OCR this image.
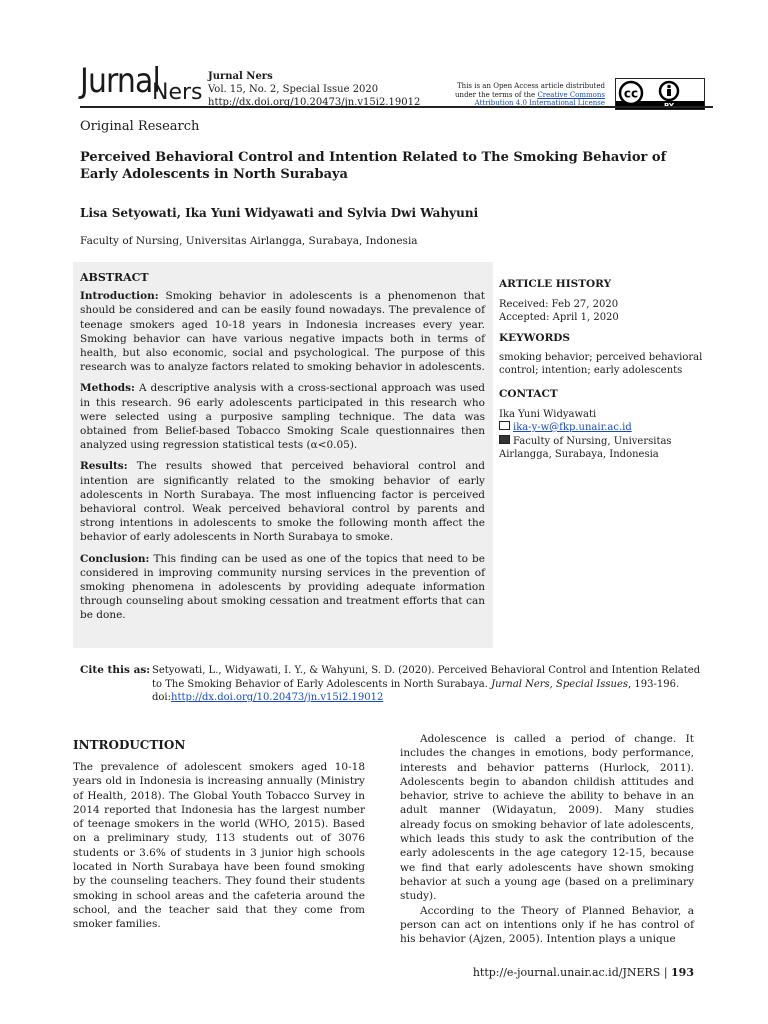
Jurnal
Ners
Jurnal Ners
Vol. 15, No. 2, Special Issue 2020
http://dx.doi.org/10.20473/jn.v15i2.19012
This is an Open Access article distributed
under the terms of the Creative Commons
Attribution 4.0 International License
cc
BY
Original Research
Perceived Behavioral Control and Intention Related to The Smoking Behavior of Early Adolescents in North Surabaya
Lisa Setyowati, Ika Yuni Widyawati and Sylvia Dwi Wahyuni
Faculty of Nursing, Universitas Airlangga, Surabaya, Indonesia
ABSTRACT

Introduction: Smoking behavior in adolescents is a phenomenon that should be considered and can be easily found nowadays. The prevalence of teenage smokers aged 10-18 years in Indonesia increases every year. Smoking behavior can have various negative impacts both in terms of health, but also economic, social and psychological. The purpose of this research was to analyze factors related to smoking behavior in adolescents.

Methods: A descriptive analysis with a cross-sectional approach was used in this research. 96 early adolescents participated in this research who were selected using a purposive sampling technique. The data was obtained from Belief-based Tobacco Smoking Scale questionnaires then analyzed using regression statistical tests (α<0.05).

Results: The results showed that perceived behavioral control and intention are significantly related to the smoking behavior of early adolescents in North Surabaya. The most influencing factor is perceived behavioral control. Weak perceived behavioral control by parents and strong intentions in adolescents to smoke the following month affect the behavior of early adolescents in North Surabaya to smoke.

Conclusion: This finding can be used as one of the topics that need to be considered in improving community nursing services in the prevention of smoking phenomena in adolescents by providing adequate information through counseling about smoking cessation and treatment efforts that can be done.

ARTICLE HISTORY
Received: Feb 27, 2020
Accepted: April 1, 2020
KEYWORDS
smoking behavior; perceived behavioral control; intention; early adolescents
CONTACT
Ika Yuni Widyawati
ika-y-w@fkp.unair.ac.id
Faculty of Nursing, Universitas Airlangga, Surabaya, Indonesia
Cite this as: Setyowati, L., Widyawati, I. Y., & Wahyuni, S. D. (2020). Perceived Behavioral Control and Intention Related to The Smoking Behavior of Early Adolescents in North Surabaya. Jurnal Ners, Special Issues, 193-196.
doi:http://dx.doi.org/10.20473/jn.v15i2.19012
INTRODUCTION

The prevalence of adolescent smokers aged 10-18 years old in Indonesia is increasing annually (Ministry of Health, 2018). The Global Youth Tobacco Survey in 2014 reported that Indonesia has the largest number of teenage smokers in the world (WHO, 2015). Based on a preliminary study, 113 students out of 3076 students or 3.6% of students in 3 junior high schools located in North Surabaya have been found smoking by the counseling teachers. They found their students smoking in school areas and the cafeteria around the school, and the teacher said that they come from smoker families.

Adolescence is called a period of change. It includes the changes in emotions, body performance, interests and behavior patterns (Hurlock, 2011). Adolescents begin to abandon childish attitudes and behavior, strive to achieve the ability to behave in an adult manner (Widayatun, 2009). Many studies already focus on smoking behavior of late adolescents, which leads this study to ask the contribution of the early adolescents in the age category 12-15, because we find that early adolescents have shown smoking behavior at such a young age (based on a preliminary study).

According to the Theory of Planned Behavior, a person can act on intentions only if he has control of his behavior (Ajzen, 2005). Intention plays a unique

http://e-journal.unair.ac.id/JNERS | 193
